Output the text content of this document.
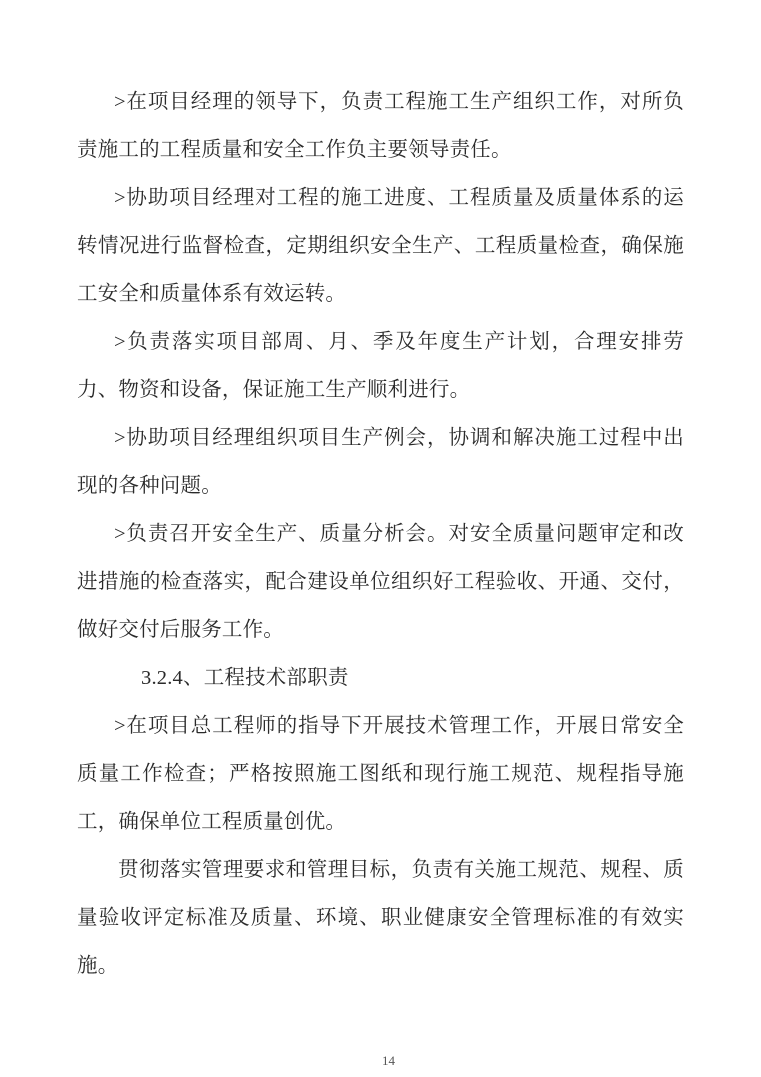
>在项目经理的领导下，负责工程施工生产组织工作，对所负责施工的工程质量和安全工作负主要领导责任。

>协助项目经理对工程的施工进度、工程质量及质量体系的运转情况进行监督检查，定期组织安全生产、工程质量检查，确保施工安全和质量体系有效运转。

>负责落实项目部周、月、季及年度生产计划，合理安排劳力、物资和设备，保证施工生产顺利进行。

>协助项目经理组织项目生产例会，协调和解决施工过程中出现的各种问题。

>负责召开安全生产、质量分析会。对安全质量问题审定和改进措施的检查落实，配合建设单位组织好工程验收、开通、交付，做好交付后服务工作。

3.2.4、工程技术部职责

>在项目总工程师的指导下开展技术管理工作，开展日常安全质量工作检查；严格按照施工图纸和现行施工规范、规程指导施工，确保单位工程质量创优。

贯彻落实管理要求和管理目标，负责有关施工规范、规程、质量验收评定标准及质量、环境、职业健康安全管理标准的有效实施。

14
